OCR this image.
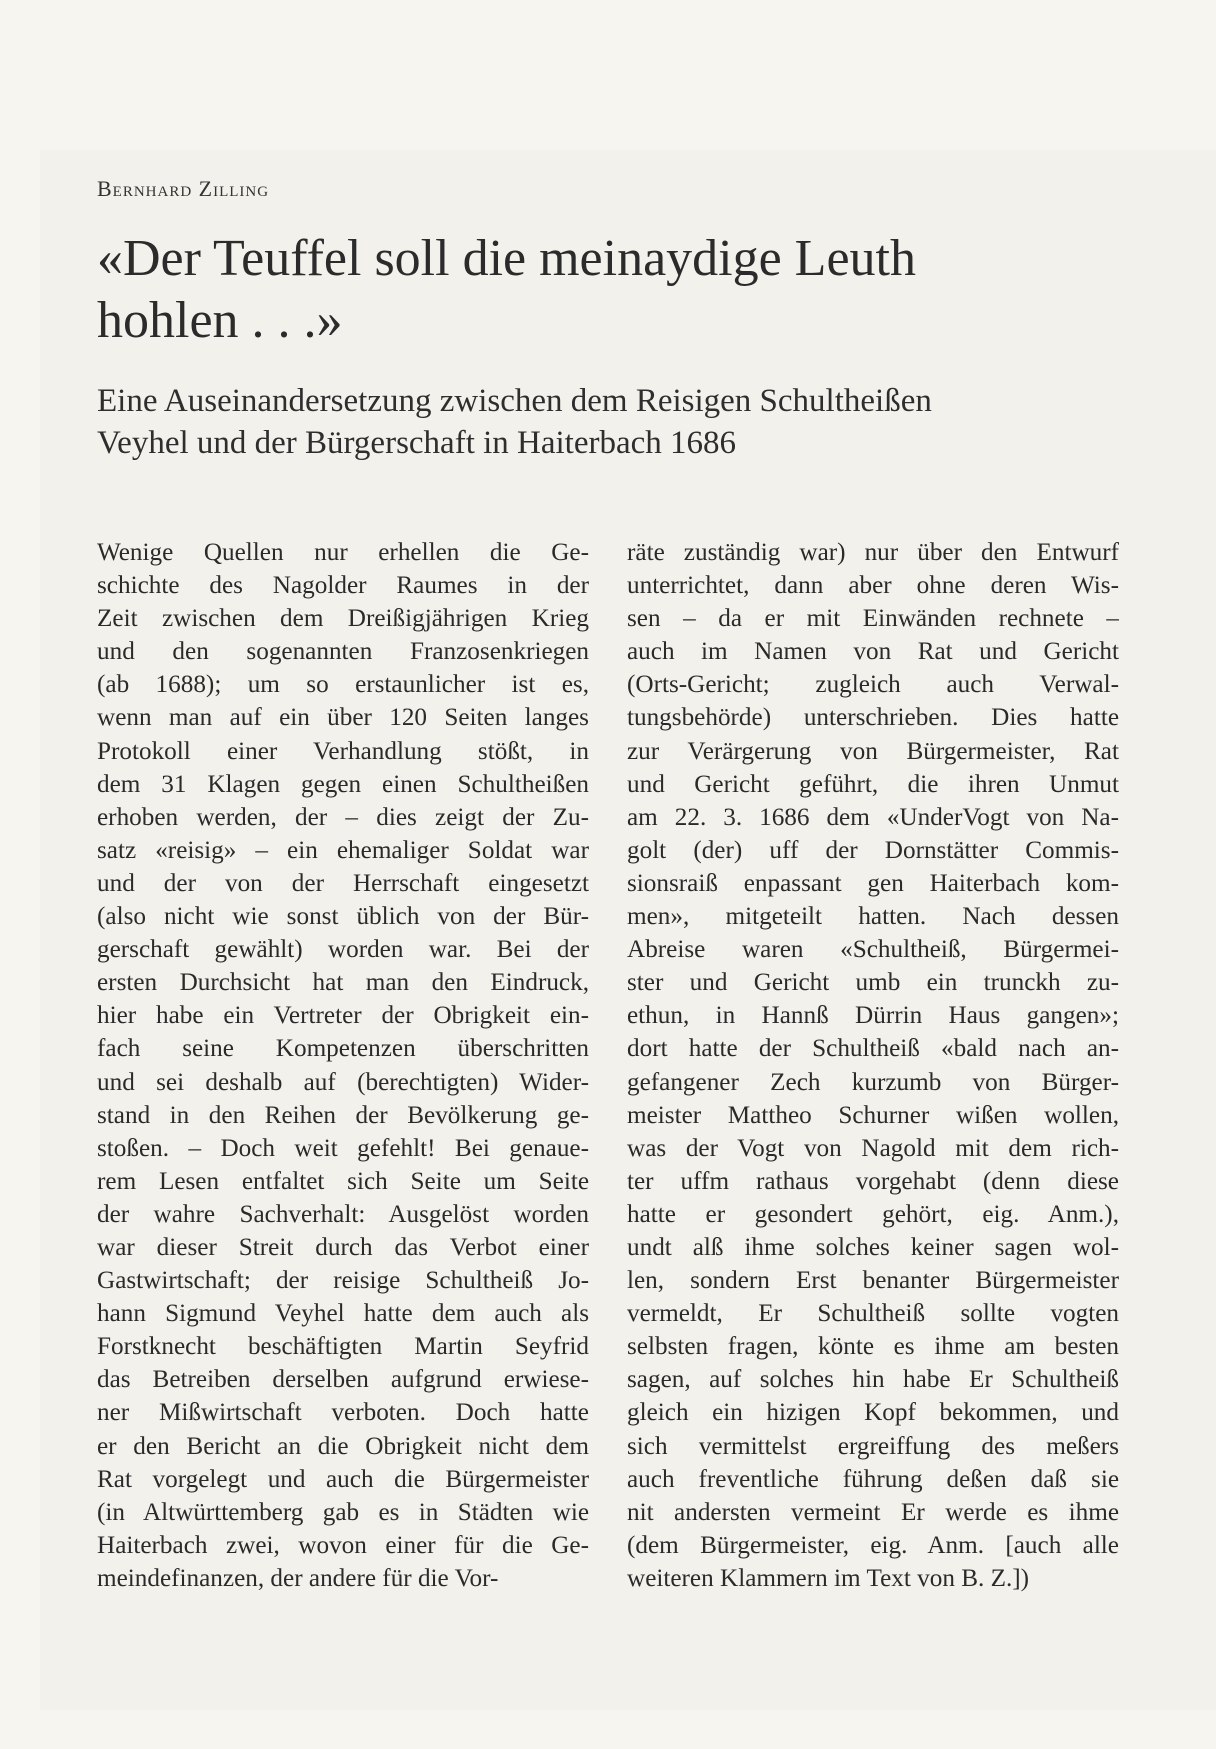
Bernhard Zilling
«Der Teuffel soll die meinaydige Leuth
hohlen . . .»
Eine Auseinandersetzung zwischen dem Reisigen Schultheißen
Veyhel und der Bürgerschaft in Haiterbach 1686
Wenige Quellen nur erhellen die Ge-
schichte des Nagolder Raumes in der
Zeit zwischen dem Dreißigjährigen Krieg
und den sogenannten Franzosenkriegen
(ab 1688); um so erstaunlicher ist es,
wenn man auf ein über 120 Seiten langes
Protokoll einer Verhandlung stößt, in
dem 31 Klagen gegen einen Schultheißen
erhoben werden, der – dies zeigt der Zu-
satz «reisig» – ein ehemaliger Soldat war
und der von der Herrschaft eingesetzt
(also nicht wie sonst üblich von der Bür-
gerschaft gewählt) worden war. Bei der
ersten Durchsicht hat man den Eindruck,
hier habe ein Vertreter der Obrigkeit ein-
fach seine Kompetenzen überschritten
und sei deshalb auf (berechtigten) Wider-
stand in den Reihen der Bevölkerung ge-
stoßen. – Doch weit gefehlt! Bei genaue-
rem Lesen entfaltet sich Seite um Seite
der wahre Sachverhalt: Ausgelöst worden
war dieser Streit durch das Verbot einer
Gastwirtschaft; der reisige Schultheiß Jo-
hann Sigmund Veyhel hatte dem auch als
Forstknecht beschäftigten Martin Seyfrid
das Betreiben derselben aufgrund erwiese-
ner Mißwirtschaft verboten. Doch hatte
er den Bericht an die Obrigkeit nicht dem
Rat vorgelegt und auch die Bürgermeister
(in Altwürttemberg gab es in Städten wie
Haiterbach zwei, wovon einer für die Ge-
meindefinanzen, der andere für die Vor-
räte zuständig war) nur über den Entwurf
unterrichtet, dann aber ohne deren Wis-
sen – da er mit Einwänden rechnete –
auch im Namen von Rat und Gericht
(Orts-Gericht; zugleich auch Verwal-
tungsbehörde) unterschrieben. Dies hatte
zur Verärgerung von Bürgermeister, Rat
und Gericht geführt, die ihren Unmut
am 22. 3. 1686 dem «UnderVogt von Na-
golt (der) uff der Dornstätter Commis-
sionsraiß enpassant gen Haiterbach kom-
men», mitgeteilt hatten. Nach dessen
Abreise waren «Schultheiß, Bürgermei-
ster und Gericht umb ein trunckh zu-
ethun, in Hannß Dürrin Haus gangen»;
dort hatte der Schultheiß «bald nach an-
gefangener Zech kurzumb von Bürger-
meister Mattheo Schurner wißen wollen,
was der Vogt von Nagold mit dem rich-
ter uffm rathaus vorgehabt (denn diese
hatte er gesondert gehört, eig. Anm.),
undt alß ihme solches keiner sagen wol-
len, sondern Erst benanter Bürgermeister
vermeldt, Er Schultheiß sollte vogten
selbsten fragen, könte es ihme am besten
sagen, auf solches hin habe Er Schultheiß
gleich ein hizigen Kopf bekommen, und
sich vermittelst ergreiffung des meßers
auch freventliche führung deßen daß sie
nit andersten vermeint Er werde es ihme
(dem Bürgermeister, eig. Anm. [auch alle
weiteren Klammern im Text von B. Z.])
